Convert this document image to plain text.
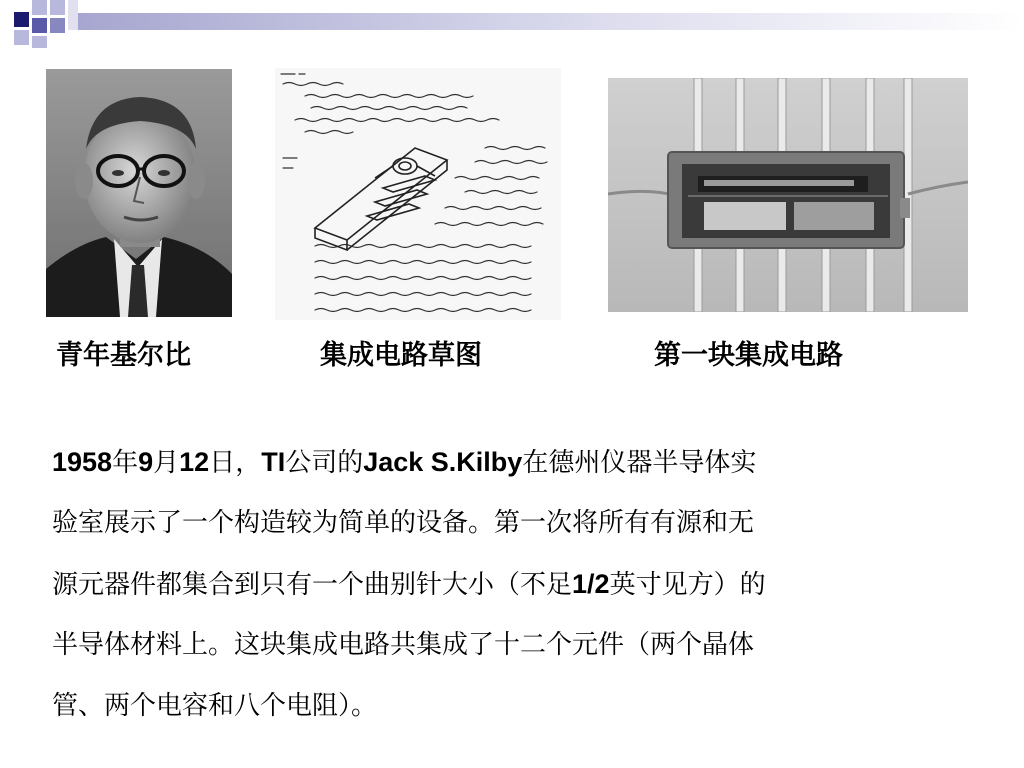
青年基尔比	集成电路草图	第一块集成电路
1958年9月12日，TI公司的Jack S.Kilby在德州仪器半导体实
验室展示了一个构造较为简单的设备。第一次将所有有源和无
源元器件都集合到只有一个曲别针大小（不足1/2英寸见方）的
半导体材料上。这块集成电路共集成了十二个元件（两个晶体
管、两个电容和八个电阻）。
